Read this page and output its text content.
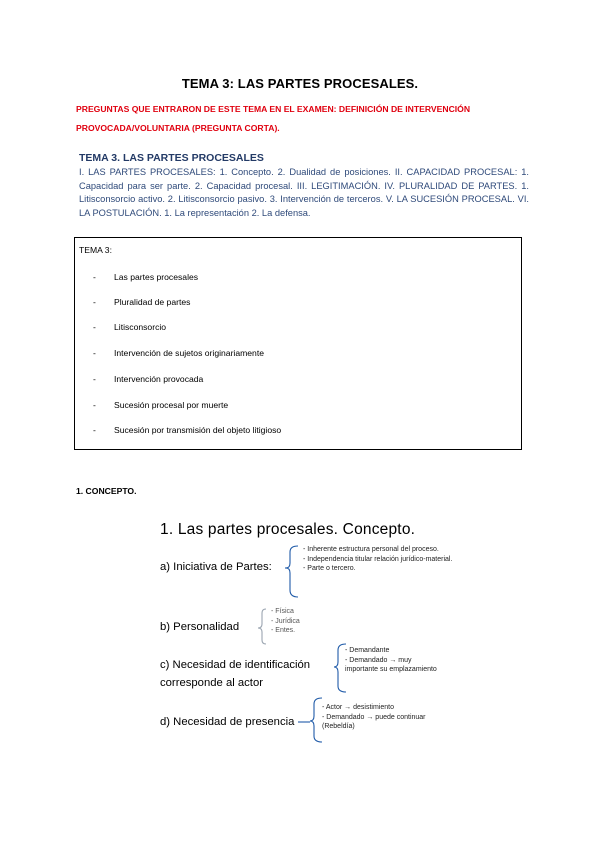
TEMA 3: LAS PARTES PROCESALES.
PREGUNTAS QUE ENTRARON DE ESTE TEMA EN EL EXAMEN: DEFINICIÓN DE INTERVENCIÓN PROVOCADA/VOLUNTARIA (PREGUNTA CORTA).
TEMA 3. LAS PARTES PROCESALES
I. LAS PARTES PROCESALES: 1. Concepto. 2. Dualidad de posiciones. II. CAPACIDAD PROCESAL: 1. Capacidad para ser parte. 2. Capacidad procesal. III. LEGITIMACIÓN. IV. PLURALIDAD DE PARTES. 1. Litisconsorcio activo. 2. Litisconsorcio pasivo. 3. Intervención de terceros. V. LA SUCESIÓN PROCESAL. VI. LA POSTULACIÓN. 1. La representación 2. La defensa.
TEMA 3:
- Las partes procesales
- Pluralidad de partes
- Litisconsorcio
- Intervención de sujetos originariamente
- Intervención provocada
- Sucesión procesal por muerte
- Sucesión por transmisión del objeto litigioso
1. CONCEPTO.
1. Las partes procesales. Concepto.
a) Iniciativa de Partes:
b) Personalidad
c) Necesidad de identificación
corresponde al actor
d) Necesidad de presencia
- Inherente estructura personal del proceso.
- Independencia titular relación jurídico-material.
- Parte o tercero.
- Física
- Jurídica
- Entes.
- Demandante
- Demandado → muy importante su emplazamiento
- Actor → desistimiento
- Demandado → puede continuar (Rebeldía)
